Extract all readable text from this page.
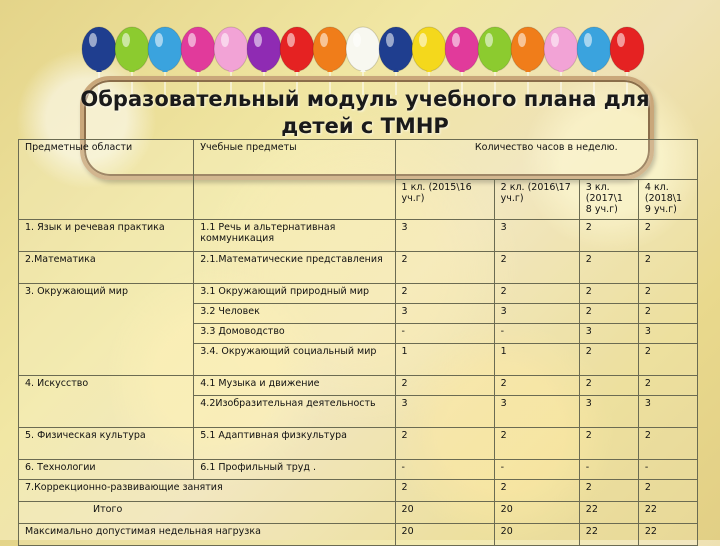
Образовательный модуль учебного плана для
детей с ТМНР
Предметные области	Учебные предметы	Количество часов в неделю.			
		1 кл. (2015\16 уч.г)	2 кл. (2016\17 уч.г)	3 кл. (2017\1 8 уч.г)	4 кл. (2018\1 9 уч.г)
1. Язык и речевая практика	1.1 Речь и альтернативная коммуникация	3	3	2	2
2.Математика	2.1.Математические представления	2	2	2	2
3. Окружающий мир	3.1 Окружающий природный мир	2	2	2	2
	3.2 Человек	3	3	2	2
	3.3 Домоводство	-	-	3	3
	3.4. Окружающий социальный мир	1	1	2	2
4. Искусство	4.1 Музыка и движение	2	2	2	2
	4.2Изобразительная деятельность	3	3	3	3
5. Физическая культура	5.1 Адаптивная физкультура	2	2	2	2
6. Технологии	6.1 Профильный труд .	-	-	-	-
7.Коррекционно-развивающие занятия		2	2	2	2
Итого		20	20	22	22
Максимально допустимая недельная нагрузка		20	20	22	22
